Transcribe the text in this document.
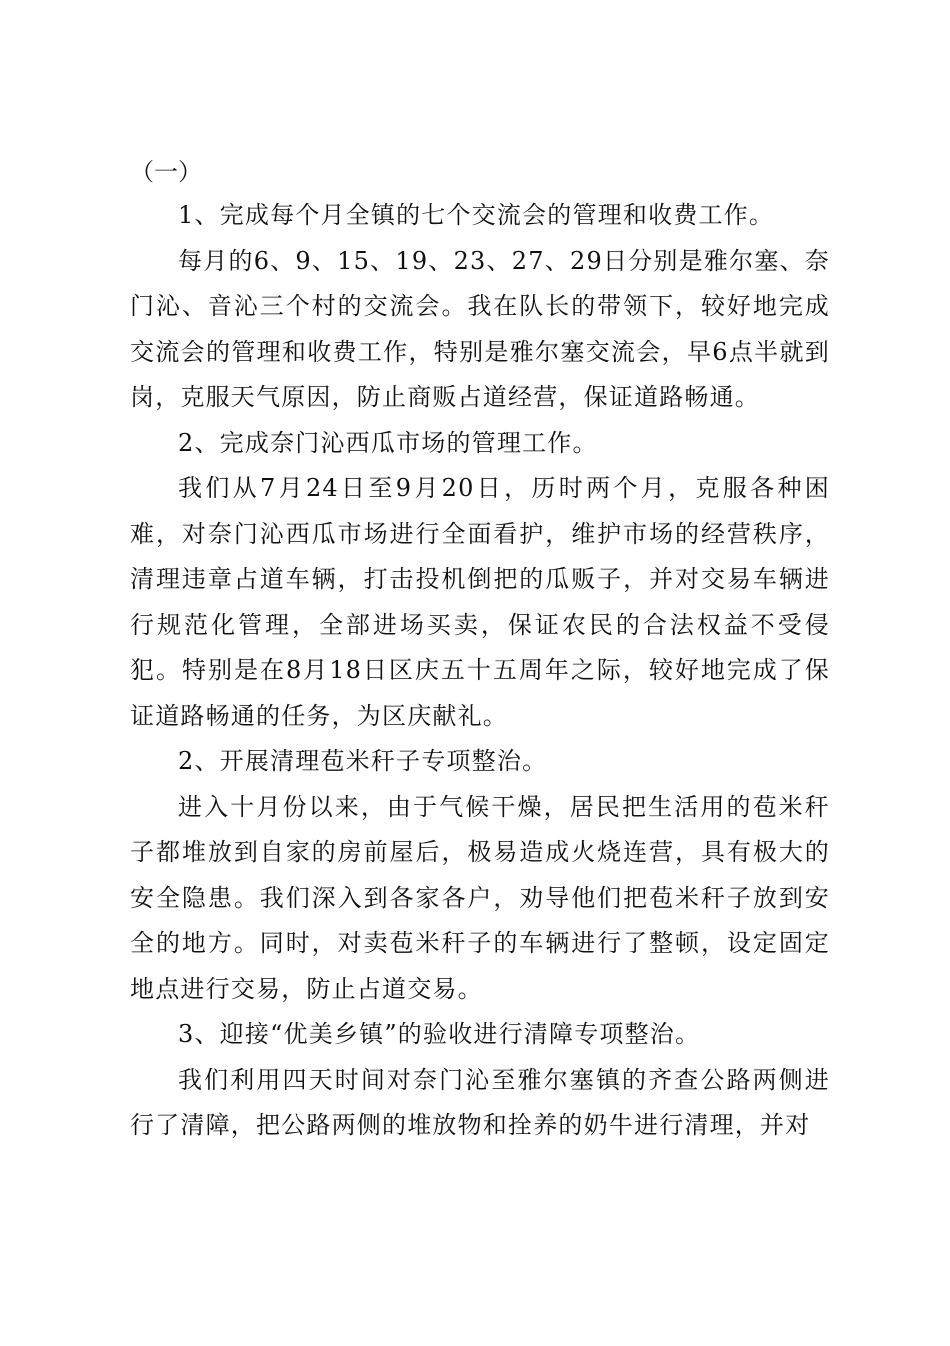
（一）

1、完成每个月全镇的七个交流会的管理和收费工作。

每月的6、9、15、19、23、27、29日分别是雅尔塞、奈门沁、音沁三个村的交流会。我在队长的带领下，较好地完成交流会的管理和收费工作，特别是雅尔塞交流会，早6点半就到岗，克服天气原因，防止商贩占道经营，保证道路畅通。

2、完成奈门沁西瓜市场的管理工作。

我们从7月24日至9月20日，历时两个月，克服各种困难，对奈门沁西瓜市场进行全面看护，维护市场的经营秩序，清理违章占道车辆，打击投机倒把的瓜贩子，并对交易车辆进行规范化管理，全部进场买卖，保证农民的合法权益不受侵犯。特别是在8月18日区庆五十五周年之际，较好地完成了保证道路畅通的任务，为区庆献礼。

2、开展清理苞米秆子专项整治。

进入十月份以来，由于气候干燥，居民把生活用的苞米秆子都堆放到自家的房前屋后，极易造成火烧连营，具有极大的安全隐患。我们深入到各家各户，劝导他们把苞米秆子放到安全的地方。同时，对卖苞米秆子的车辆进行了整顿，设定固定地点进行交易，防止占道交易。

3、迎接“优美乡镇”的验收进行清障专项整治。

我们利用四天时间对奈门沁至雅尔塞镇的齐查公路两侧进行了清障，把公路两侧的堆放物和拴养的奶牛进行清理，并对
